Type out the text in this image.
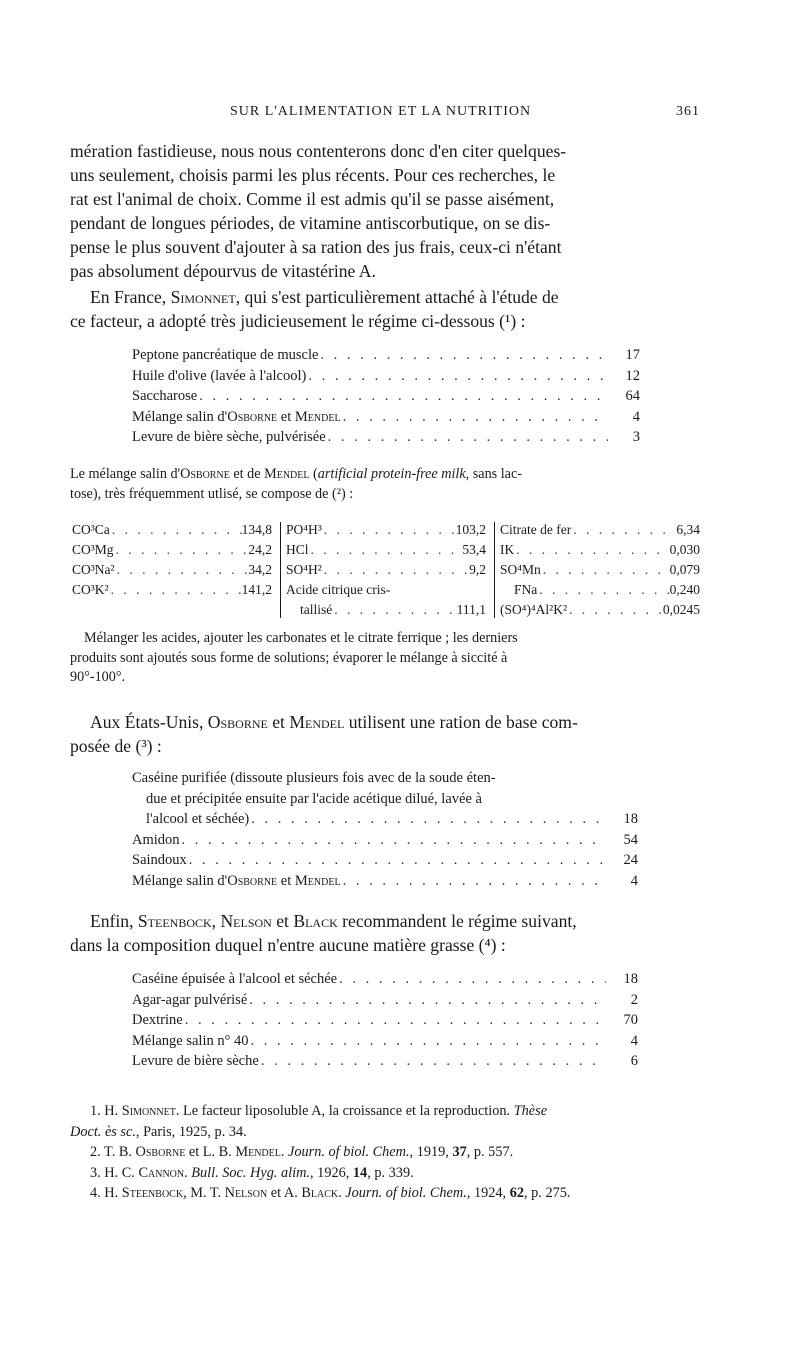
SUR L'ALIMENTATION ET LA NUTRITION	361
mération fastidieuse, nous nous contenterons donc d'en citer quelques-
uns seulement, choisis parmi les plus récents. Pour ces recherches, le
rat est l'animal de choix. Comme il est admis qu'il se passe aisément,
pendant de longues périodes, de vitamine antiscorbutique, on se dis-
pense le plus souvent d'ajouter à sa ration des jus frais, ceux-ci n'étant
pas absolument dépourvus de vitastérine A.
En France, Simonnet, qui s'est particulièrement attaché à l'étude de
ce facteur, a adopté très judicieusement le régime ci-dessous (¹) :
Peptone pancréatique de muscle . . .	17
Huile d'olive (lavée à l'alcool) . . .	12
Saccharose . . .	64
Mélange salin d'Osborne et Mendel . . .	4
Levure de bière sèche, pulvérisée . . .	3
Le mélange salin d'Osborne et de Mendel (artificial protein-free milk, sans lac-
tose), très fréquemment utlisé, se compose de (²) :
CO³Ca . . .	134,8
CO³Mg . . .	24,2
CO³Na² . . .	34,2
CO³K² . . .	141,2
PO⁴H³ . . .	103,2
HCl . . .	53,4
SO⁴H² . . .	9,2
Acide citrique cris-
tallisé . . .	111,1
Citrate de fer . . .	6,34
IK . . .	0,030
SO⁴Mn . . .	0,079
FNa . . .	0,240
(SO⁴)⁴Al²K² . . .	0,0245
Mélanger les acides, ajouter les carbonates et le citrate ferrique ; les derniers
produits sont ajoutés sous forme de solutions; évaporer le mélange à siccité à
90°-100°.
Aux États-Unis, Osborne et Mendel utilisent une ration de base com-
posée de (³) :
Caséine purifiée (dissoute plusieurs fois avec de la soude éten-
due et précipitée ensuite par l'acide acétique dilué, lavée à
l'alcool et séchée) . . .	18
Amidon . . .	54
Saindoux . . .	24
Mélange salin d'Osborne et Mendel . . .	4
Enfin, Steenbock, Nelson et Black recommandent le régime suivant,
dans la composition duquel n'entre aucune matière grasse (⁴) :
Caséine épuisée à l'alcool et séchée . . .	18
Agar-agar pulvérisé . . .	2
Dextrine . . .	70
Mélange salin n° 40 . . .	4
Levure de bière sèche . . .	6
1. H. Simonnet. Le facteur liposoluble A, la croissance et la reproduction. Thèse
Doct. ès sc., Paris, 1925, p. 34.
2. T. B. Osborne et L. B. Mendel. Journ. of biol. Chem., 1919, 37, p. 557.
3. H. C. Cannon. Bull. Soc. Hyg. alim., 1926, 14, p. 339.
4. H. Steenbock, M. T. Nelson et A. Black. Journ. of biol. Chem., 1924, 62, p. 275.
